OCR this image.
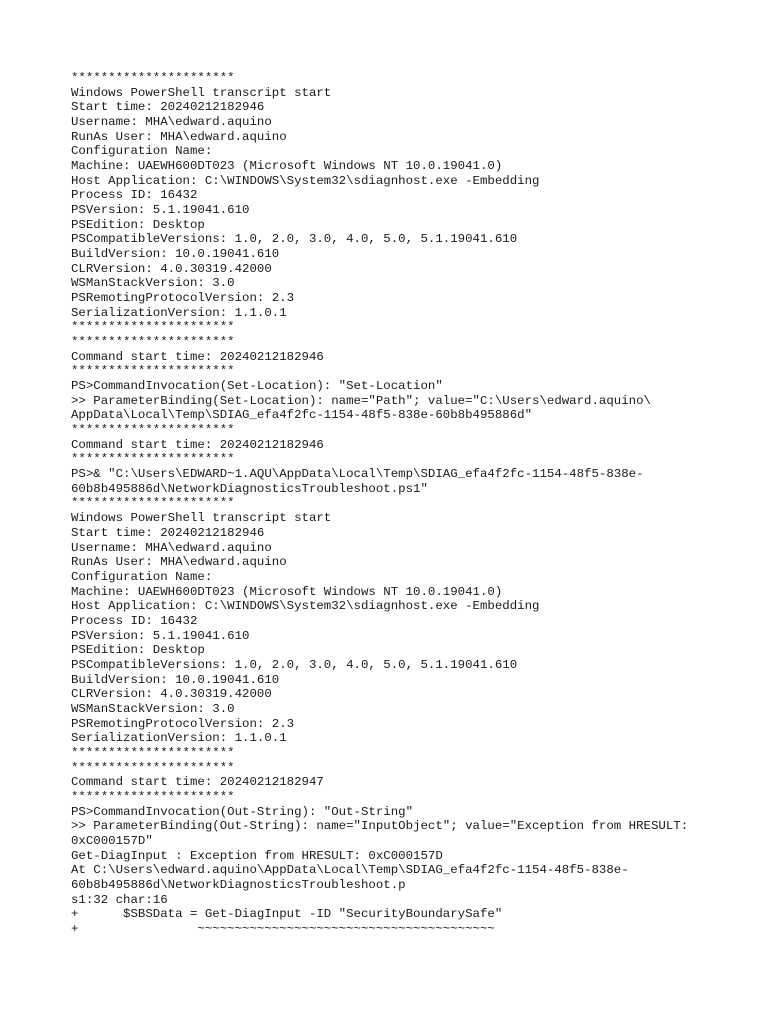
**********************
Windows PowerShell transcript start
Start time: 20240212182946
Username: MHA\edward.aquino
RunAs User: MHA\edward.aquino
Configuration Name:
Machine: UAEWH600DT023 (Microsoft Windows NT 10.0.19041.0)
Host Application: C:\WINDOWS\System32\sdiagnhost.exe -Embedding
Process ID: 16432
PSVersion: 5.1.19041.610
PSEdition: Desktop
PSCompatibleVersions: 1.0, 2.0, 3.0, 4.0, 5.0, 5.1.19041.610
BuildVersion: 10.0.19041.610
CLRVersion: 4.0.30319.42000
WSManStackVersion: 3.0
PSRemotingProtocolVersion: 2.3
SerializationVersion: 1.1.0.1
**********************
**********************
Command start time: 20240212182946
**********************
PS>CommandInvocation(Set-Location): "Set-Location"
>> ParameterBinding(Set-Location): name="Path"; value="C:\Users\edward.aquino\
AppData\Local\Temp\SDIAG_efa4f2fc-1154-48f5-838e-60b8b495886d"
**********************
Command start time: 20240212182946
**********************
PS>& "C:\Users\EDWARD~1.AQU\AppData\Local\Temp\SDIAG_efa4f2fc-1154-48f5-838e-
60b8b495886d\NetworkDiagnosticsTroubleshoot.ps1"
**********************
Windows PowerShell transcript start
Start time: 20240212182946
Username: MHA\edward.aquino
RunAs User: MHA\edward.aquino
Configuration Name:
Machine: UAEWH600DT023 (Microsoft Windows NT 10.0.19041.0)
Host Application: C:\WINDOWS\System32\sdiagnhost.exe -Embedding
Process ID: 16432
PSVersion: 5.1.19041.610
PSEdition: Desktop
PSCompatibleVersions: 1.0, 2.0, 3.0, 4.0, 5.0, 5.1.19041.610
BuildVersion: 10.0.19041.610
CLRVersion: 4.0.30319.42000
WSManStackVersion: 3.0
PSRemotingProtocolVersion: 2.3
SerializationVersion: 1.1.0.1
**********************
**********************
Command start time: 20240212182947
**********************
PS>CommandInvocation(Out-String): "Out-String"
>> ParameterBinding(Out-String): name="InputObject"; value="Exception from HRESULT:
0xC000157D"
Get-DiagInput : Exception from HRESULT: 0xC000157D
At C:\Users\edward.aquino\AppData\Local\Temp\SDIAG_efa4f2fc-1154-48f5-838e-
60b8b495886d\NetworkDiagnosticsTroubleshoot.p
s1:32 char:16
+      $SBSData = Get-DiagInput -ID "SecurityBoundarySafe"
+                ~~~~~~~~~~~~~~~~~~~~~~~~~~~~~~~~~~~~~~~~
